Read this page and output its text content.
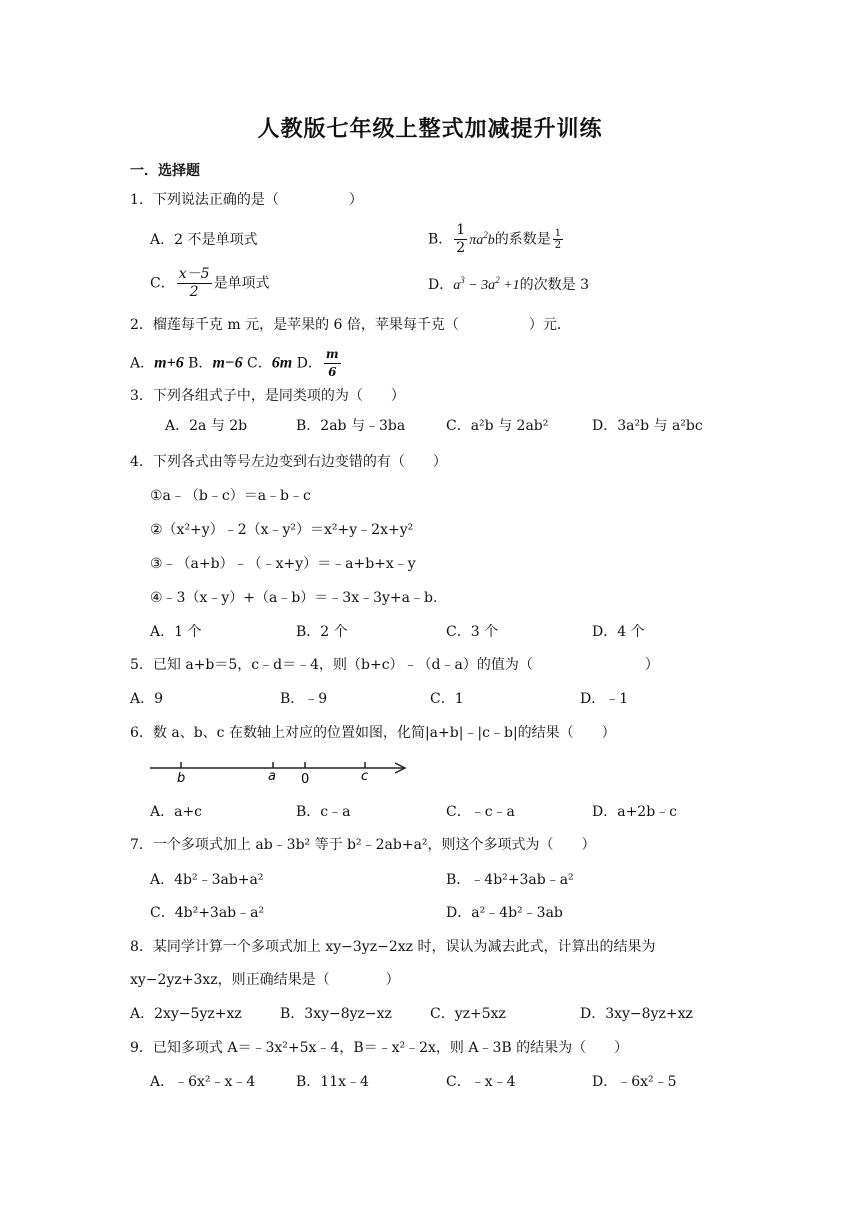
人教版七年级上整式加减提升训练
一．选择题
1．下列说法正确的是（　　　　　）
A．2 不是单项式	B． $\frac{1}{2} \pi a^2b$的系数是 $\frac{1}{2}$
C． $\frac{x-5}{2}$ 是单项式	D．$a^3 - 3a^2 +1$的次数是 3
2．榴莲每千克 m 元，是苹果的 6 倍，苹果每千克（　　　　　）元．
A．m+6 B．m−6 C．6m D． $\frac{m}{6}$
3．下列各组式子中，是同类项的为（　　）
A．2a 与 2b	B．2ab 与﹣3ba	C．a²b 与 2ab²	D．3a²b 与 a²bc
4．下列各式由等号左边变到右边变错的有（　　）
①a﹣（b﹣c）＝a﹣b﹣c
②（x²+y）﹣2（x﹣y²）＝x²+y﹣2x+y²
③﹣（a+b）﹣（﹣x+y）＝﹣a+b+x﹣y
④﹣3（x﹣y）+（a﹣b）＝﹣3x﹣3y+a﹣b.
A．1 个	B．2 个	C．3 个	D．4 个
5．已知 a+b＝5，c﹣d＝﹣4，则（b+c）﹣（d﹣a）的值为（　　　　　　　　）
A．9	B．﹣9	C．1	D．﹣1
6．数 a、b、c 在数轴上对应的位置如图，化简|a+b|﹣|c﹣b|的结果（　　）
b	a 0	c
A．a+c	B．c﹣a	C．﹣c﹣a	D．a+2b﹣c
7．一个多项式加上 ab﹣3b² 等于 b²﹣2ab+a²，则这个多项式为（　　）
A．4b²﹣3ab+a²	B．﹣4b²+3ab﹣a²
C．4b²+3ab﹣a²	D．a²﹣4b²﹣3ab
8．某同学计算一个多项式加上 xy−3yz−2xz 时，误认为减去此式，计算出的结果为
xy−2yz+3xz，则正确结果是（　　　　）
A．2xy−5yz+xz	B．3xy−8yz−xz	C．yz+5xz	D．3xy−8yz+xz
9．已知多项式 A＝﹣3x²+5x﹣4，B＝﹣x²﹣2x，则 A﹣3B 的结果为（　　）
A．﹣6x²﹣x﹣4	B．11x﹣4	C．﹣x﹣4	D．﹣6x²﹣5
